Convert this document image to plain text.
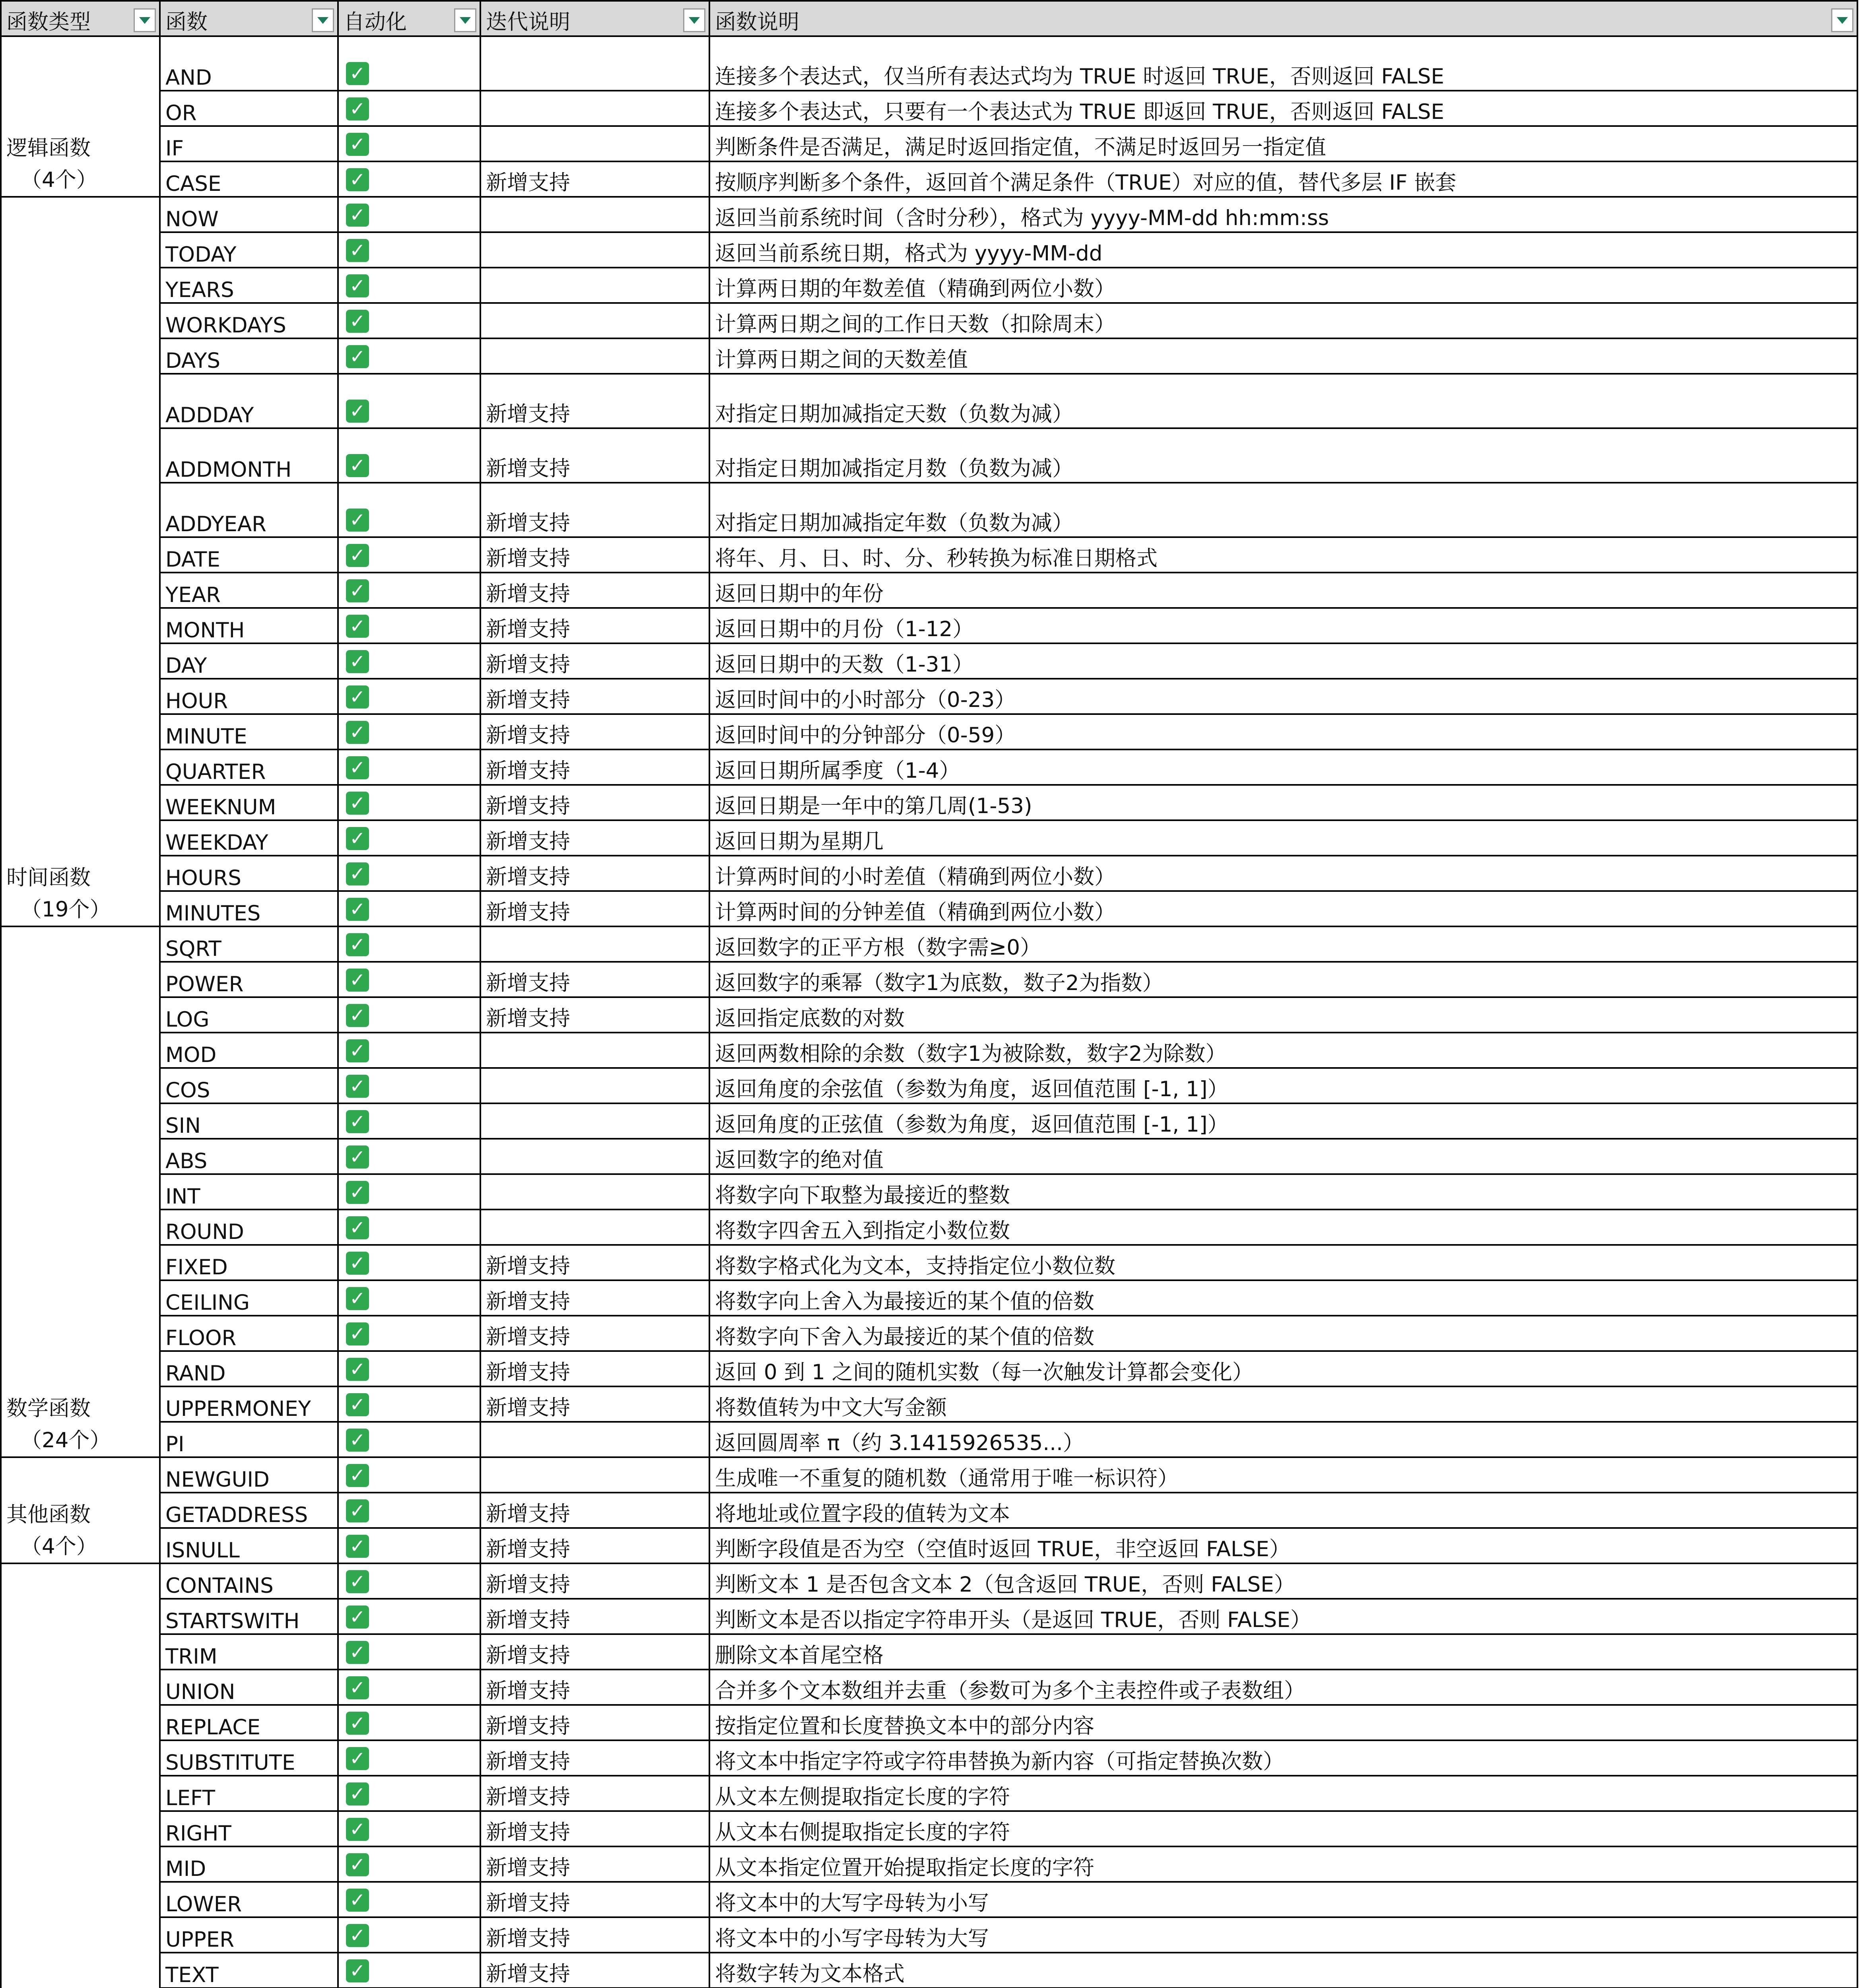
函数类型	函数	自动化	迭代说明	函数说明

逻辑函数
（4个）	AND	✓		连接多个表达式，仅当所有表达式均为 TRUE 时返回 TRUE，否则返回 FALSE
	OR	✓		连接多个表达式，只要有一个表达式为 TRUE 即返回 TRUE，否则返回 FALSE
	IF	✓		判断条件是否满足，满足时返回指定值，不满足时返回另一指定值
	CASE	✓	新增支持	按顺序判断多个条件，返回首个满足条件（TRUE）对应的值，替代多层 IF 嵌套

时间函数
（19个）	NOW	✓		返回当前系统时间（含时分秒），格式为 yyyy-MM-dd hh:mm:ss
	TODAY	✓		返回当前系统日期，格式为 yyyy-MM-dd
	YEARS	✓		计算两日期的年数差值（精确到两位小数）
	WORKDAYS	✓		计算两日期之间的工作日天数（扣除周末）
	DAYS	✓		计算两日期之间的天数差值
	ADDDAY	✓	新增支持	对指定日期加减指定天数（负数为减）
	ADDMONTH	✓	新增支持	对指定日期加减指定月数（负数为减）
	ADDYEAR	✓	新增支持	对指定日期加减指定年数（负数为减）
	DATE	✓	新增支持	将年、月、日、时、分、秒转换为标准日期格式
	YEAR	✓	新增支持	返回日期中的年份
	MONTH	✓	新增支持	返回日期中的月份（1-12）
	DAY	✓	新增支持	返回日期中的天数（1-31）
	HOUR	✓	新增支持	返回时间中的小时部分（0-23）
	MINUTE	✓	新增支持	返回时间中的分钟部分（0-59）
	QUARTER	✓	新增支持	返回日期所属季度（1-4）
	WEEKNUM	✓	新增支持	返回日期是一年中的第几周(1-53)
	WEEKDAY	✓	新增支持	返回日期为星期几
	HOURS	✓	新增支持	计算两时间的小时差值（精确到两位小数）
	MINUTES	✓	新增支持	计算两时间的分钟差值（精确到两位小数）

数学函数
（24个）	SQRT	✓		返回数字的正平方根（数字需≥0）
	POWER	✓	新增支持	返回数字的乘幂（数字1为底数，数子2为指数）
	LOG	✓	新增支持	返回指定底数的对数
	MOD	✓		返回两数相除的余数（数字1为被除数，数字2为除数）
	COS	✓		返回角度的余弦值（参数为角度，返回值范围 [-1, 1]）
	SIN	✓		返回角度的正弦值（参数为角度，返回值范围 [-1, 1]）
	ABS	✓		返回数字的绝对值
	INT	✓		将数字向下取整为最接近的整数
	ROUND	✓		将数字四舍五入到指定小数位数
	FIXED	✓	新增支持	将数字格式化为文本，支持指定位小数位数
	CEILING	✓	新增支持	将数字向上舍入为最接近的某个值的倍数
	FLOOR	✓	新增支持	将数字向下舍入为最接近的某个值的倍数
	RAND	✓	新增支持	返回 0 到 1 之间的随机实数（每一次触发计算都会变化）
	UPPERMONEY	✓	新增支持	将数值转为中文大写金额
	PI	✓		返回圆周率 π（约 3.1415926535...）

其他函数
（4个）	NEWGUID	✓		生成唯一不重复的随机数（通常用于唯一标识符）
	GETADDRESS	✓	新增支持	将地址或位置字段的值转为文本
	ISNULL	✓	新增支持	判断字段值是否为空（空值时返回 TRUE，非空返回 FALSE）

	CONTAINS	✓	新增支持	判断文本 1 是否包含文本 2（包含返回 TRUE，否则 FALSE）
	STARTSWITH	✓	新增支持	判断文本是否以指定字符串开头（是返回 TRUE，否则 FALSE）
	TRIM	✓	新增支持	删除文本首尾空格
	UNION	✓	新增支持	合并多个文本数组并去重（参数可为多个主表控件或子表数组）
	REPLACE	✓	新增支持	按指定位置和长度替换文本中的部分内容
	SUBSTITUTE	✓	新增支持	将文本中指定字符或字符串替换为新内容（可指定替换次数）
	LEFT	✓	新增支持	从文本左侧提取指定长度的字符
	RIGHT	✓	新增支持	从文本右侧提取指定长度的字符
	MID	✓	新增支持	从文本指定位置开始提取指定长度的字符
	LOWER	✓	新增支持	将文本中的大写字母转为小写
	UPPER	✓	新增支持	将文本中的小写字母转为大写
	TEXT	✓	新增支持	将数字转为文本格式
